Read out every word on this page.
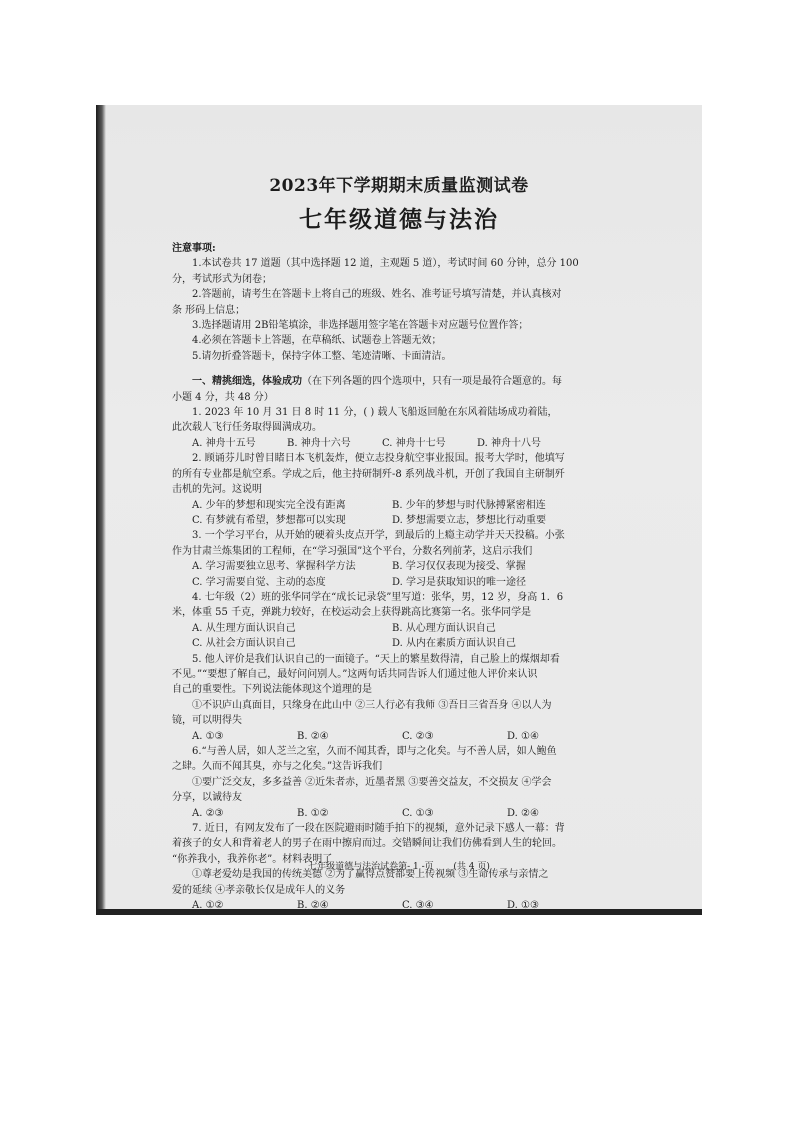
2023年下学期期末质量监测试卷
七年级道德与法治

注意事项:

1.本试卷共 17 道题（其中选择题 12 道，主观题 5 道），考试时间 60 分钟，总分 100

分，考试形式为闭卷；

2.答题前，请考生在答题卡上将自己的班级、姓名、准考证号填写清楚，并认真核对

条 形码上信息；

3.选择题请用 2B铅笔填涂，非选择题用签字笔在答题卡对应题号位置作答；

4.必须在答题卡上答题，在草稿纸、试题卷上答题无效；

5.请勿折叠答题卡，保持字体工整、笔迹清晰、卡面清洁。

一、精挑细选，体验成功（在下列各题的四个选项中，只有一项是最符合题意的。每

小题 4 分，共 48 分）

1. 2023 年 10 月 31 日 8 时 11 分，( ) 载人飞船返回舱在东风着陆场成功着陆，

此次载人飞行任务取得圆满成功。

A. 神舟十五号	B. 神舟十六号	C. 神舟十七号	D. 神舟十八号

2. 顾诵芬儿时曾目睹日本飞机轰炸，便立志投身航空事业报国。报考大学时，他填写

的所有专业都是航空系。学成之后，他主持研制歼-8 系列战斗机，开创了我国自主研制歼

击机的先河。这说明

A. 少年的梦想和现实完全没有距离	B. 少年的梦想与时代脉搏紧密相连
C. 有梦就有希望，梦想都可以实现	D. 梦想需要立志，梦想比行动重要

3. 一个学习平台，从开始的硬着头皮点开学，到最后的上瘾主动学并天天投稿。小张

作为甘肃兰炼集团的工程师，在“学习强国”这个平台，分数名列前茅，这启示我们

A. 学习需要独立思考、掌握科学方法	B. 学习仅仅表现为接受、掌握
C. 学习需要自觉、主动的态度	D. 学习是获取知识的唯一途径

4. 七年级（2）班的张华同学在“成长记录袋”里写道：张华，男，12 岁，身高 1．6

米，体重 55 千克，弹跳力较好，在校运动会上获得跳高比赛第一名。张华同学是

A. 从生理方面认识自己	B. 从心理方面认识自己
C. 从社会方面认识自己	D. 从内在素质方面认识自己

5. 他人评价是我们认识自己的一面镜子。“天上的繁星数得清，自己脸上的煤烟却看

不见。”“要想了解自己，最好问问别人。”这两句话共同告诉人们通过他人评价来认识

自己的重要性。下列说法能体现这个道理的是

①不识庐山真面目，只缘身在此山中 ②三人行必有我师 ③吾日三省吾身 ④以人为

镜，可以明得失

A. ①③	B. ②④	C. ②③	D. ①④

6.“与善人居，如人芝兰之室，久而不闻其香，即与之化矣。与不善人居，如人鲍鱼

之肆。久而不闻其臭，亦与之化矣。”这告诉我们

①要广泛交友，多多益善 ②近朱者赤，近墨者黑 ③要善交益友，不交损友 ④学会

分享，以诚待友

A. ②③	B. ①②	C. ①③	D. ②④

7. 近日，有网友发布了一段在医院避雨时随手拍下的视频，意外记录下感人一幕：背

着孩子的女人和背着老人的男子在雨中擦肩而过。交错瞬间让我们仿佛看到人生的轮回。

“你养我小，我养你老”。材料表明了

①尊老爱幼是我国的传统美德 ②为了赢得点赞都要上传视频 ③生命传承与亲情之

爱的延续 ④孝亲敬长仅是成年人的义务

A. ①②	B. ②④	C. ③④	D. ①③
七年级道德与法治试卷第- 1 -页 (共 4 页)
